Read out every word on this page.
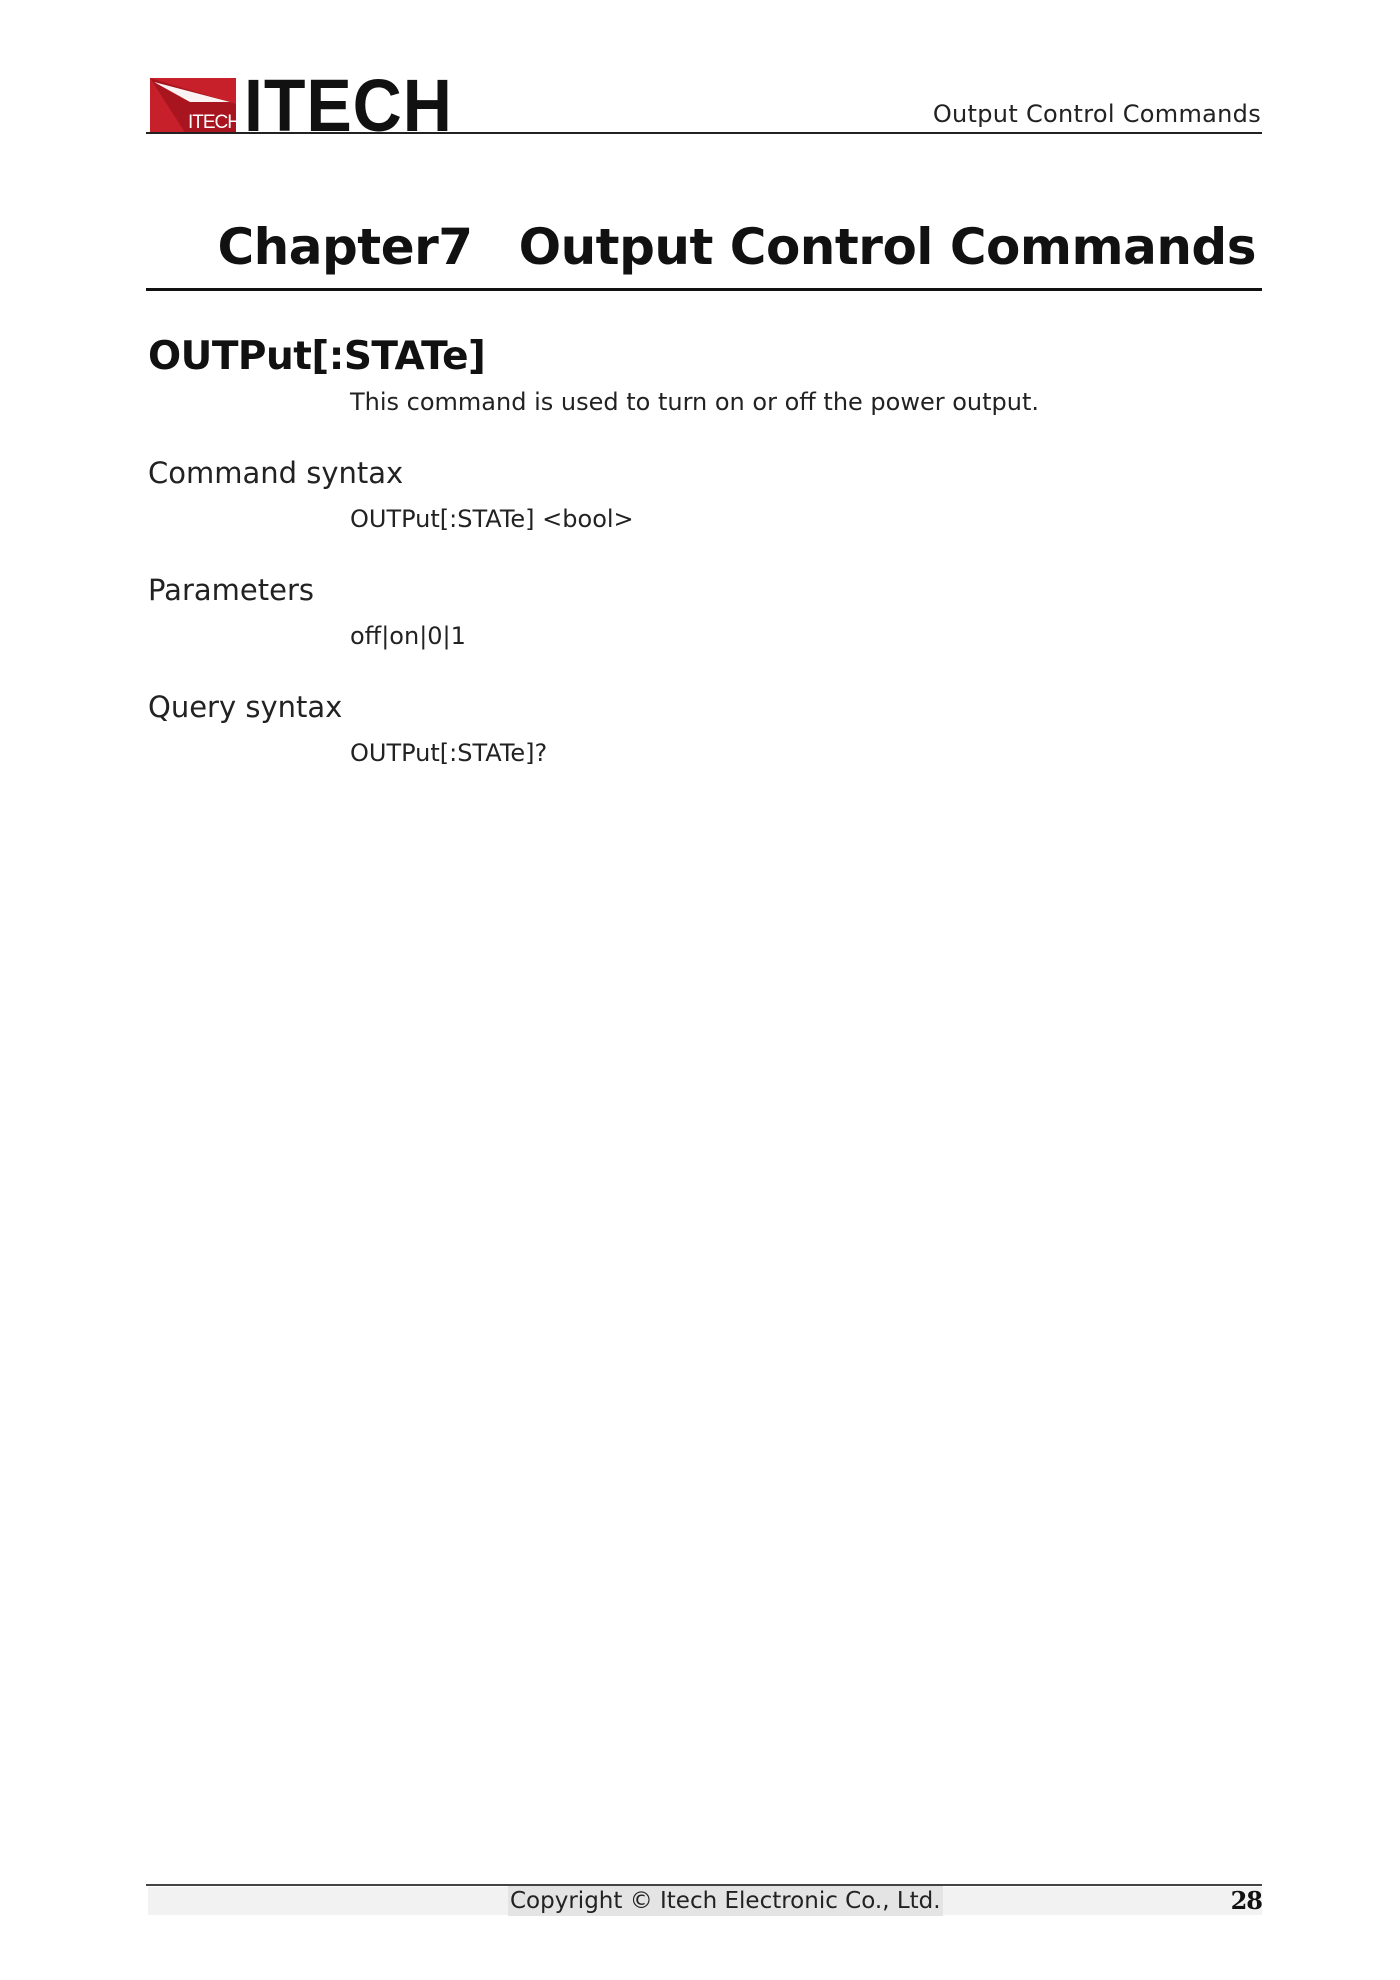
ITECH ITECH	Output Control Commands
Chapter7 Output Control Commands
OUTPut[:STATe]
This command is used to turn on or off the power output.
Command syntax
OUTPut[:STATe] <bool>
Parameters
off|on|0|1
Query syntax
OUTPut[:STATe]?
Copyright © Itech Electronic Co., Ltd.	28
